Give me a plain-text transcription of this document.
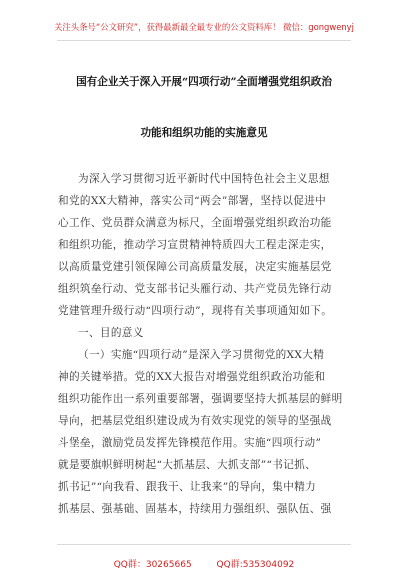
关注头条号“公文研究”，获得最新最全最专业的公文资料库！ 微信：gongwenyj
国有企业关于深入开展“四项行动”全面增强党组织政治
功能和组织功能的实施意见
为深入学习贯彻习近平新时代中国特色社会主义思想
和党的XX大精神，落实公司“两会”部署，坚持以促进中
心工作、党员群众满意为标尺，全面增强党组织政治功能
和组织功能，推动学习宣贯精神特质四大工程走深走实，
以高质量党建引领保障公司高质量发展，决定实施基层党
组织筑垒行动、党支部书记头雁行动、共产党员先锋行动
党建管理升级行动“四项行动”，现将有关事项通知如下。
一、目的意义
（一）实施“四项行动”是深入学习贯彻党的XX大精
神的关键举措。党的XX大报告对增强党组织政治功能和
组织功能作出一系列重要部署，强调要坚持大抓基层的鲜明
导向，把基层党组织建设成为有效实现党的领导的坚强战
斗堡垒，激励党员发挥先锋模范作用。实施“四项行动”
就是要旗帜鲜明树起“大抓基层、大抓支部”“书记抓、
抓书记”“向我看、跟我干、让我来”的导向，集中精力
抓基层、强基础、固基本，持续用力强组织、强队伍、强
QQ群：30265665	QQ群:535304092
